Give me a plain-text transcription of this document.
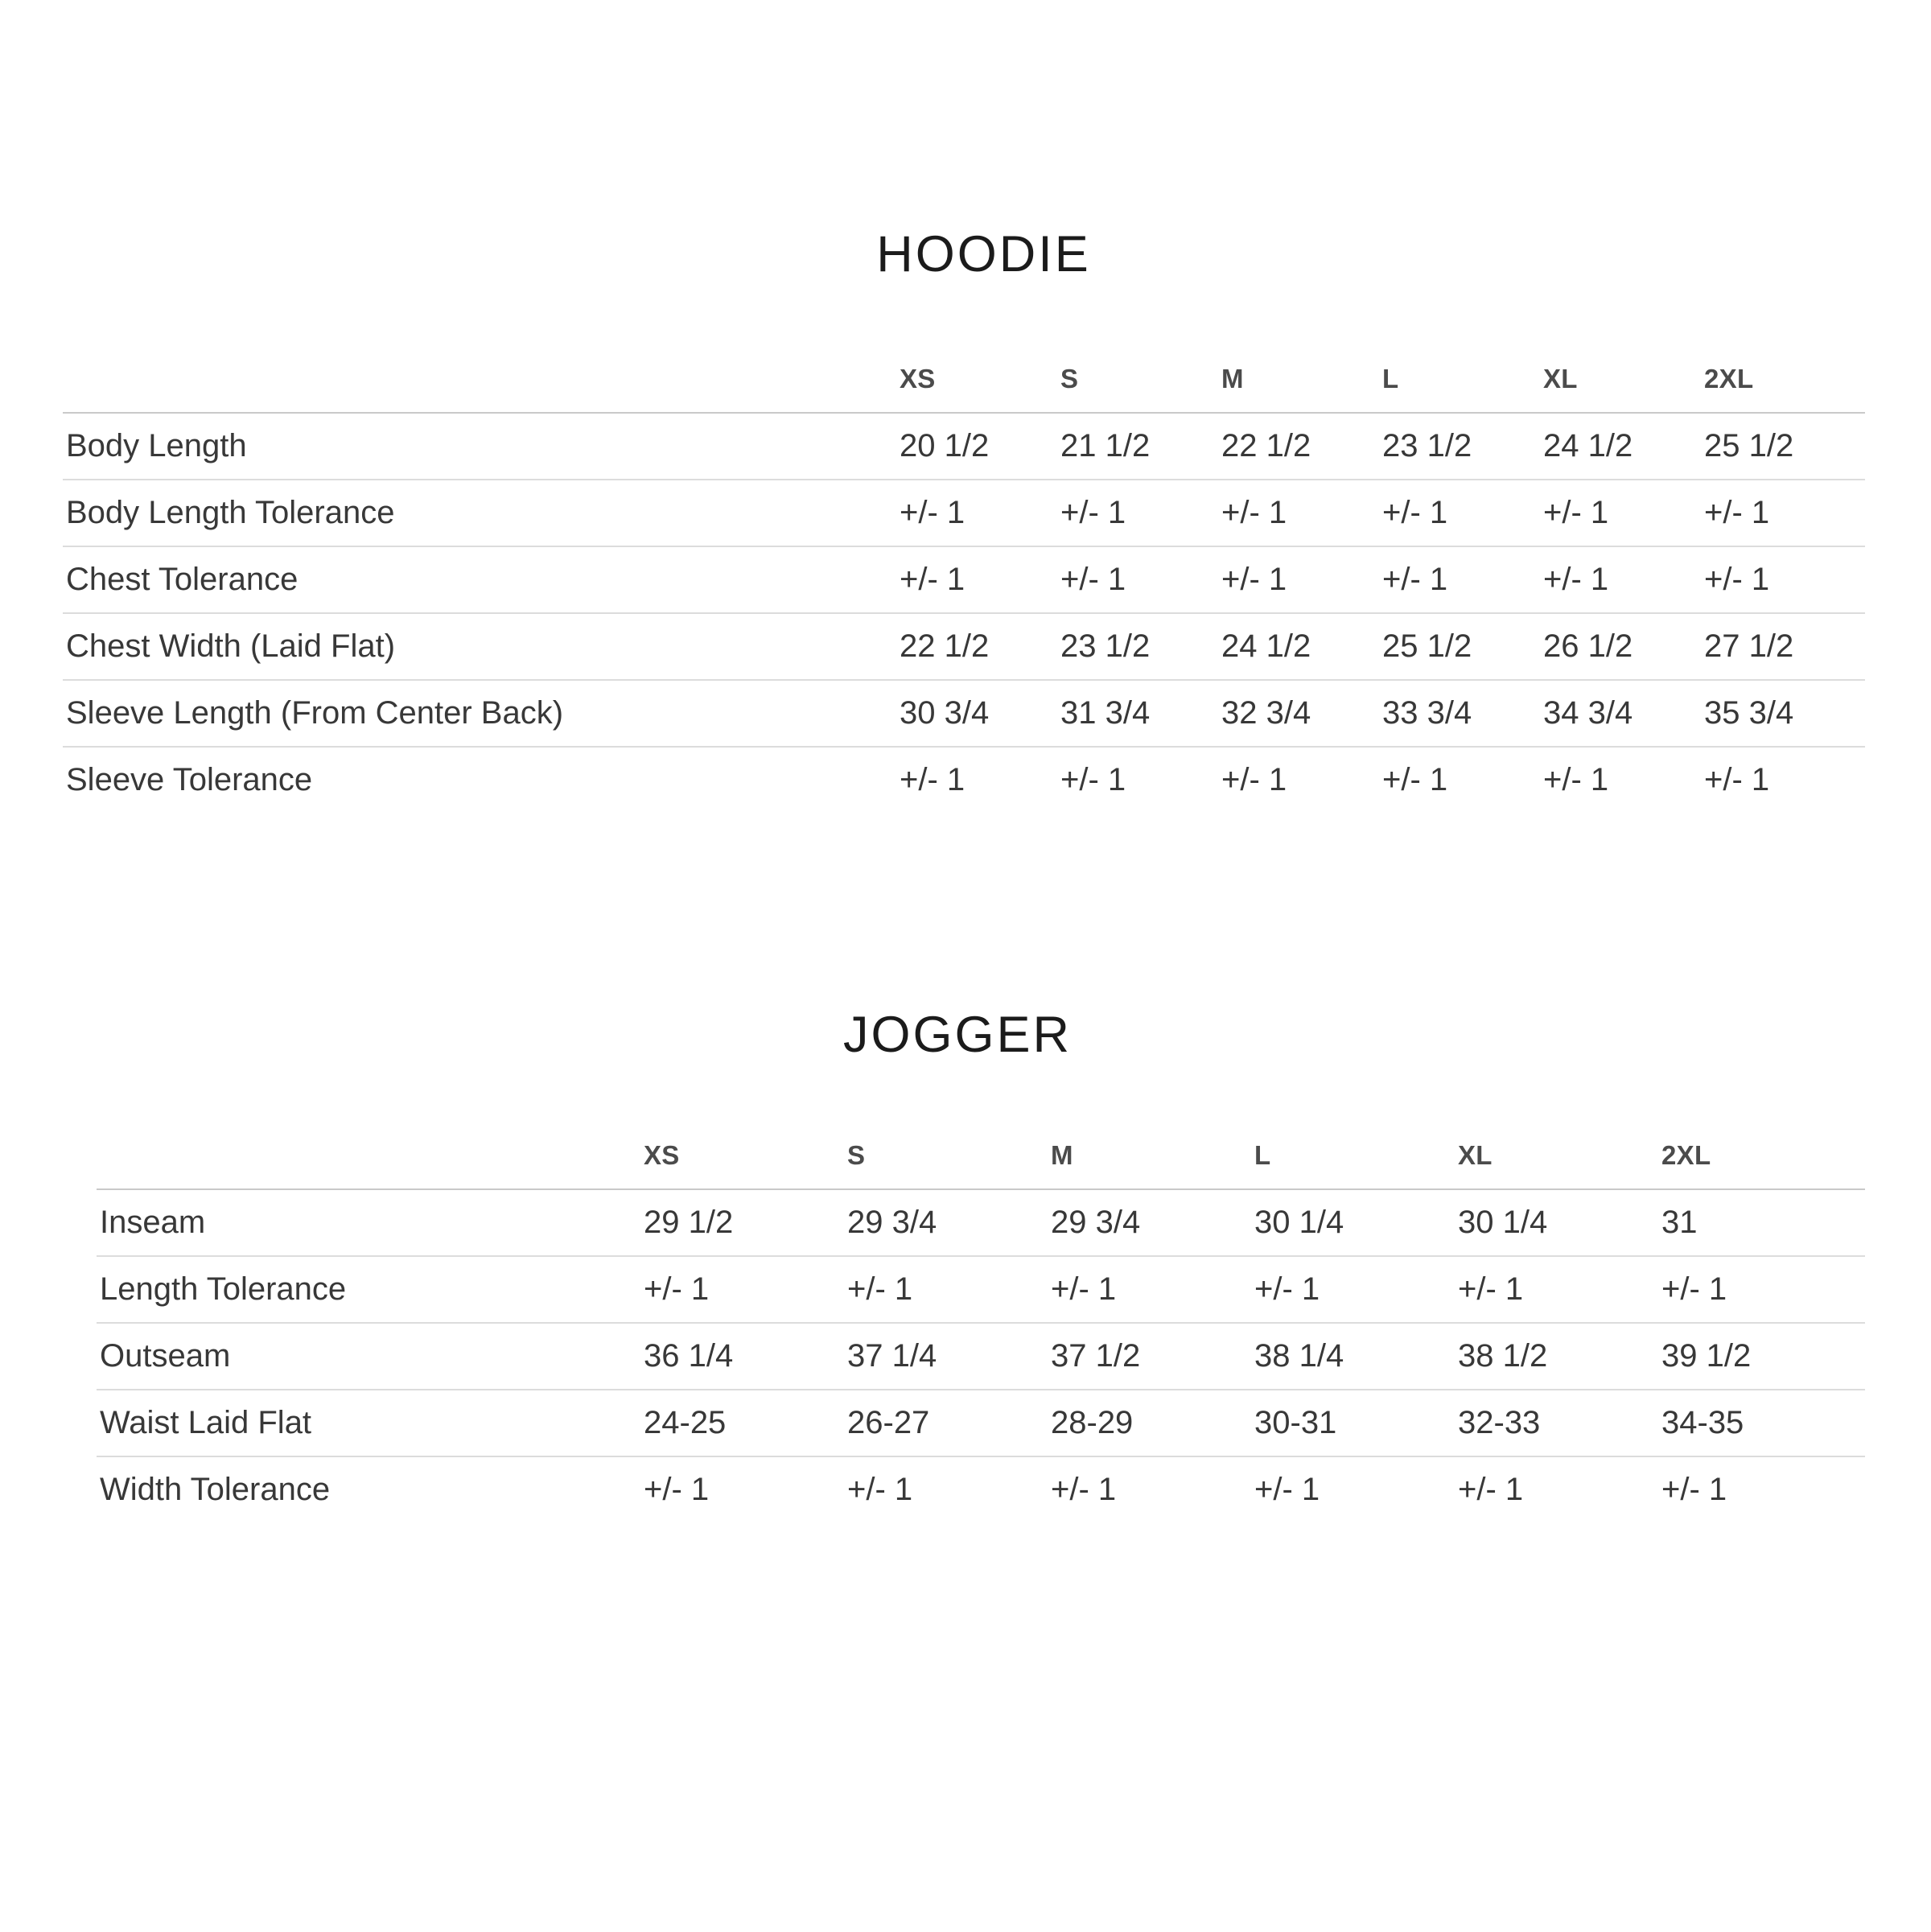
HOODIE
	XS	S	M	L	XL	2XL
Body Length	20 1/2	21 1/2	22 1/2	23 1/2	24 1/2	25 1/2
Body Length Tolerance	+/- 1	+/- 1	+/- 1	+/- 1	+/- 1	+/- 1
Chest Tolerance	+/- 1	+/- 1	+/- 1	+/- 1	+/- 1	+/- 1
Chest Width (Laid Flat)	22 1/2	23 1/2	24 1/2	25 1/2	26 1/2	27 1/2
Sleeve Length (From Center Back)	30 3/4	31 3/4	32 3/4	33 3/4	34 3/4	35 3/4
Sleeve Tolerance	+/- 1	+/- 1	+/- 1	+/- 1	+/- 1	+/- 1
JOGGER
	XS	S	M	L	XL	2XL
Inseam	29 1/2	29 3/4	29 3/4	30 1/4	30 1/4	31
Length Tolerance	+/- 1	+/- 1	+/- 1	+/- 1	+/- 1	+/- 1
Outseam	36 1/4	37 1/4	37 1/2	38 1/4	38 1/2	39 1/2
Waist Laid Flat	24-25	26-27	28-29	30-31	32-33	34-35
Width Tolerance	+/- 1	+/- 1	+/- 1	+/- 1	+/- 1	+/- 1
